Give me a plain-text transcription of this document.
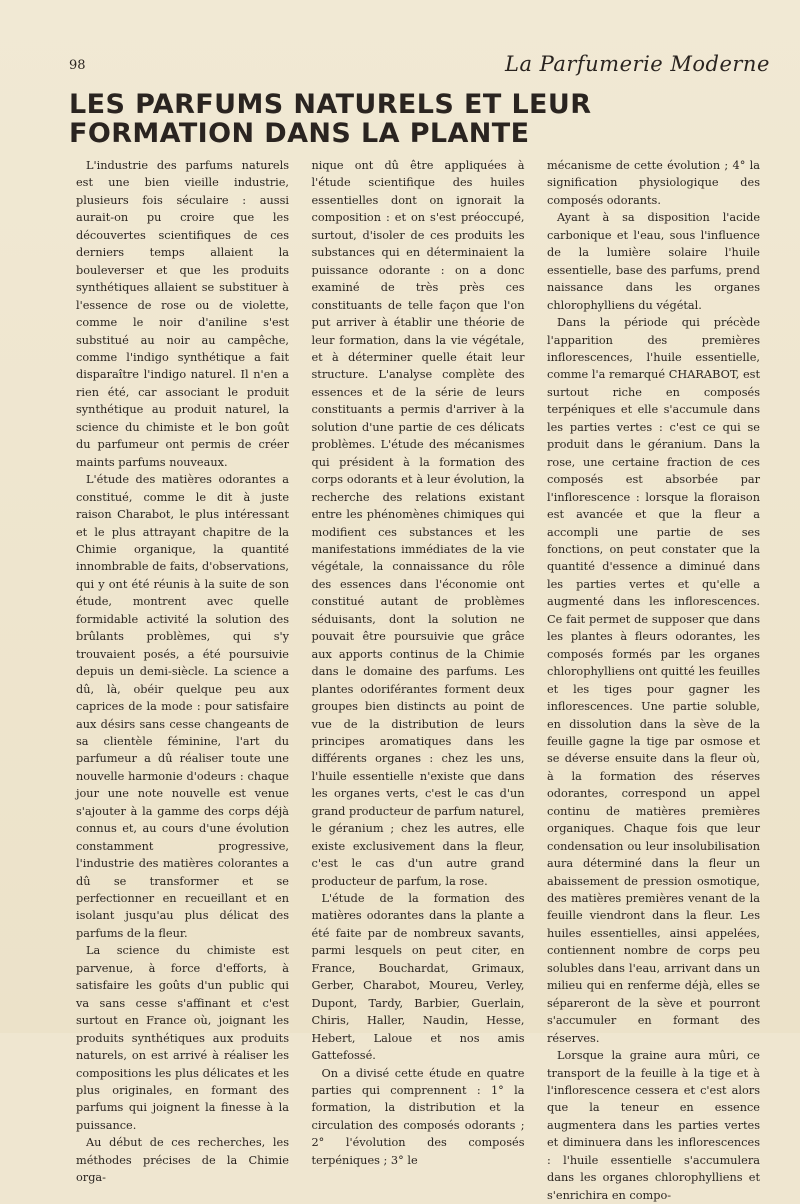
98	La Parfumerie Moderne
LES PARFUMS NATURELS ET LEUR FORMATION DANS LA PLANTE

L'industrie des parfums naturels est une bien vieille industrie, plusieurs fois séculaire : aussi aurait-on pu croire que les découvertes scientifiques de ces derniers temps allaient la bouleverser et que les produits synthétiques allaient se substituer à l'essence de rose ou de violette, comme le noir d'aniline s'est substitué au noir au campêche, comme l'indigo synthétique a fait disparaître l'indigo naturel. Il n'en a rien été, car associant le produit synthétique au produit naturel, la science du chimiste et le bon goût du parfumeur ont permis de créer maints parfums nouveaux.

L'étude des matières odorantes a constitué, comme le dit à juste raison Charabot, le plus intéressant et le plus attrayant chapitre de la Chimie organique, la quantité innombrable de faits, d'observations, qui y ont été réunis à la suite de son étude, montrent avec quelle formidable activité la solution des brûlants problèmes, qui s'y trouvaient posés, a été poursuivie depuis un demi-siècle. La science a dû, là, obéir quelque peu aux caprices de la mode : pour satisfaire aux désirs sans cesse changeants de sa clientèle féminine, l'art du parfumeur a dû réaliser toute une nouvelle harmonie d'odeurs : chaque jour une note nouvelle est venue s'ajouter à la gamme des corps déjà connus et, au cours d'une évolution constamment progressive, l'industrie des matières colorantes a dû se transformer et se perfectionner en recueillant et en isolant jusqu'au plus délicat des parfums de la fleur.

La science du chimiste est parvenue, à force d'efforts, à satisfaire les goûts d'un public qui va sans cesse s'affinant et c'est surtout en France où, joignant les produits synthétiques aux produits naturels, on est arrivé à réaliser les compositions les plus délicates et les plus originales, en formant des parfums qui joignent la finesse à la puissance.

Au début de ces recherches, les méthodes précises de la Chimie orga-

nique ont dû être appliquées à l'étude scientifique des huiles essentielles dont on ignorait la composition : et on s'est préoccupé, surtout, d'isoler de ces produits les substances qui en déterminaient la puissance odorante : on a donc examiné de très près ces constituants de telle façon que l'on put arriver à établir une théorie de leur formation, dans la vie végétale, et à déterminer quelle était leur structure. L'analyse complète des essences et de la série de leurs constituants a permis d'arriver à la solution d'une partie de ces délicats problèmes. L'étude des mécanismes qui président à la formation des corps odorants et à leur évolution, la recherche des relations existant entre les phénomènes chimiques qui modifient ces substances et les manifestations immédiates de la vie végétale, la connaissance du rôle des essences dans l'économie ont constitué autant de problèmes séduisants, dont la solution ne pouvait être poursuivie que grâce aux apports continus de la Chimie dans le domaine des parfums. Les plantes odoriférantes forment deux groupes bien distincts au point de vue de la distribution de leurs principes aromatiques dans les différents organes : chez les uns, l'huile essentielle n'existe que dans les organes verts, c'est le cas d'un grand producteur de parfum naturel, le géranium ; chez les autres, elle existe exclusivement dans la fleur, c'est le cas d'un autre grand producteur de parfum, la rose.

L'étude de la formation des matières odorantes dans la plante a été faite par de nombreux savants, parmi lesquels on peut citer, en France, Bouchardat, Grimaux, Gerber, Charabot, Moureu, Verley, Dupont, Tardy, Barbier, Guerlain, Chiris, Haller, Naudin, Hesse, Hebert, Laloue et nos amis Gattefossé.

On a divisé cette étude en quatre parties qui comprennent : 1° la formation, la distribution et la circulation des composés odorants ; 2° l'évolution des composés terpéniques ; 3° le

mécanisme de cette évolution ; 4° la signification physiologique des composés odorants.

Ayant à sa disposition l'acide carbonique et l'eau, sous l'influence de la lumière solaire l'huile essentielle, base des parfums, prend naissance dans les organes chlorophylliens du végétal.

Dans la période qui précède l'apparition des premières inflorescences, l'huile essentielle, comme l'a remarqué CHARABOT, est surtout riche en composés terpéniques et elle s'accumule dans les parties vertes : c'est ce qui se produit dans le géranium. Dans la rose, une certaine fraction de ces composés est absorbée par l'inflorescence : lorsque la floraison est avancée et que la fleur a accompli une partie de ses fonctions, on peut constater que la quantité d'essence a diminué dans les parties vertes et qu'elle a augmenté dans les inflorescences. Ce fait permet de supposer que dans les plantes à fleurs odorantes, les composés formés par les organes chlorophylliens ont quitté les feuilles et les tiges pour gagner les inflorescences. Une partie soluble, en dissolution dans la sève de la feuille gagne la tige par osmose et se déverse ensuite dans la fleur où, à la formation des réserves odorantes, correspond un appel continu de matières premières organiques. Chaque fois que leur condensation ou leur insolubilisation aura déterminé dans la fleur un abaissement de pression osmotique, des matières premières venant de la feuille viendront dans la fleur. Les huiles essentielles, ainsi appelées, contiennent nombre de corps peu solubles dans l'eau, arrivant dans un milieu qui en renferme déjà, elles se sépareront de la sève et pourront s'accumuler en formant des réserves.

Lorsque la graine aura mûri, ce transport de la feuille à la tige et à l'inflorescence cessera et c'est alors que la teneur en essence augmentera dans les parties vertes et diminuera dans les inflorescences : l'huile essentielle s'accumulera dans les organes chlorophylliens et s'enrichira en compo-
